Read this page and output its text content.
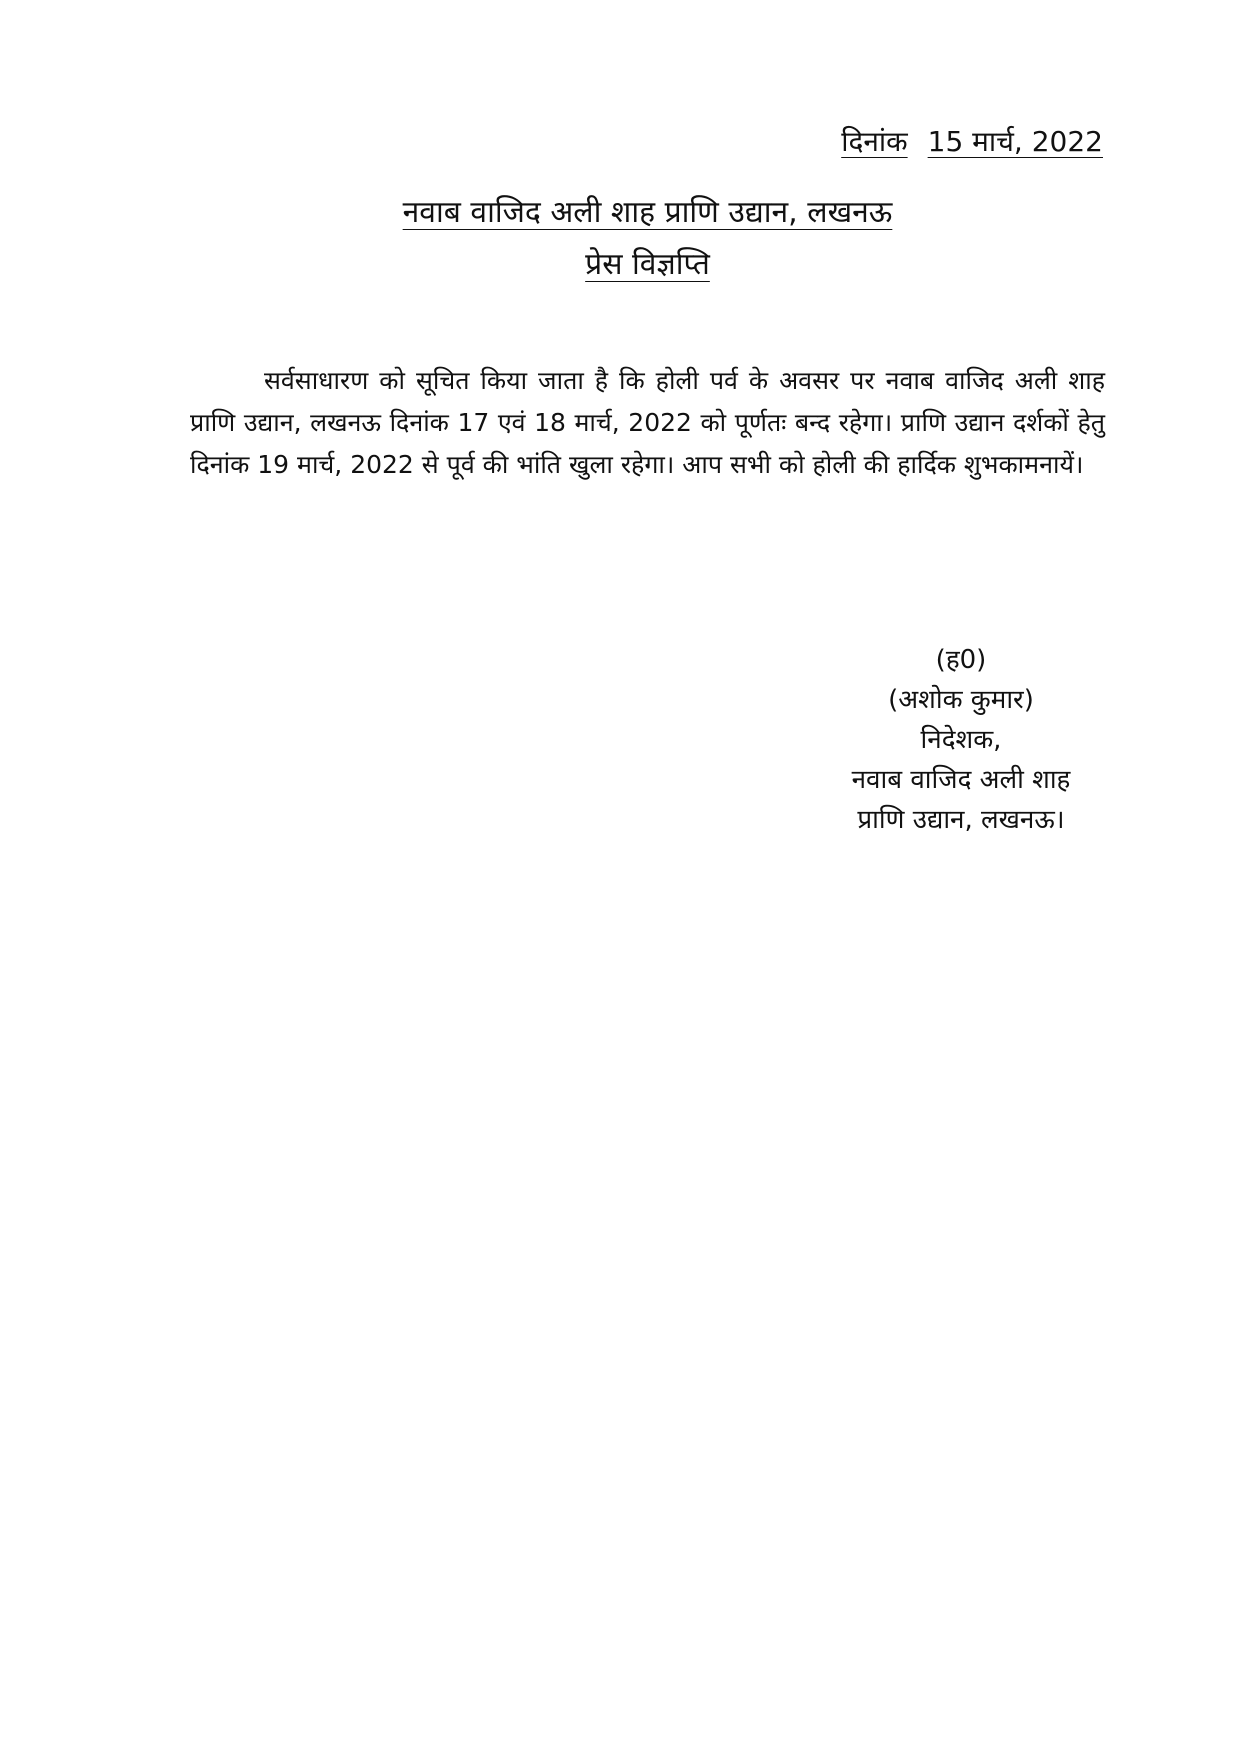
दिनांक 15 मार्च, 2022
नवाब वाजिद अली शाह प्राणि उद्यान, लखनऊ
प्रेस विज्ञप्ति

सर्वसाधारण को सूचित किया जाता है कि होली पर्व के अवसर पर नवाब वाजिद अली शाह प्राणि उद्यान, लखनऊ दिनांक 17 एवं 18 मार्च, 2022 को पूर्णतः बन्द रहेगा। प्राणि उद्यान दर्शकों हेतु दिनांक 19 मार्च, 2022 से पूर्व की भांति खुला रहेगा। आप सभी को होली की हार्दिक शुभकामनायें।

(ह0)
(अशोक कुमार)
निदेशक,
नवाब वाजिद अली शाह
प्राणि उद्यान, लखनऊ।
